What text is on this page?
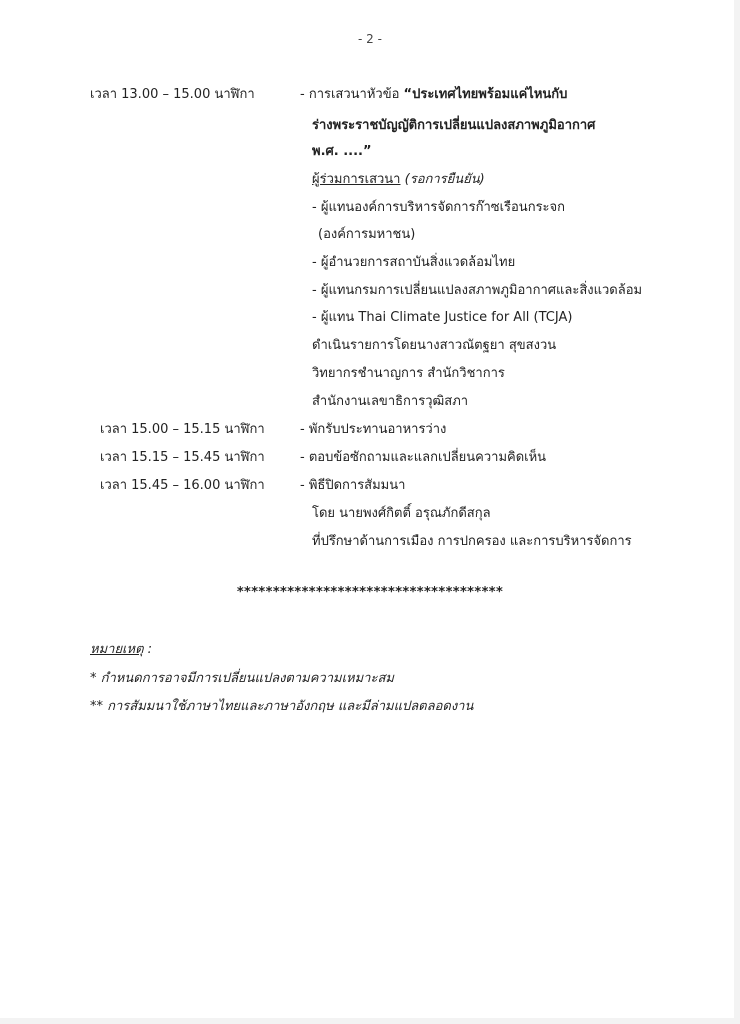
- 2 -
เวลา 13.00 – 15.00 นาฬิกา	- การเสวนาหัวข้อ “ประเทศไทยพร้อมแค่ไหนกับ
ร่างพระราชบัญญัติการเปลี่ยนแปลงสภาพภูมิอากาศ
พ.ศ. ....”
ผู้ร่วมการเสวนา (รอการยืนยัน)
- ผู้แทนองค์การบริหารจัดการก๊าซเรือนกระจก
(องค์การมหาชน)
- ผู้อำนวยการสถาบันสิ่งแวดล้อมไทย
- ผู้แทนกรมการเปลี่ยนแปลงสภาพภูมิอากาศและสิ่งแวดล้อม
- ผู้แทน Thai Climate Justice for All (TCJA)
ดำเนินรายการโดยนางสาวณัตฐยา สุขสงวน
วิทยากรชำนาญการ สำนักวิชาการ
สำนักงานเลขาธิการวุฒิสภา
เวลา 15.00 – 15.15 นาฬิกา	- พักรับประทานอาหารว่าง
เวลา 15.15 – 15.45 นาฬิกา	- ตอบข้อซักถามและแลกเปลี่ยนความคิดเห็น
เวลา 15.45 – 16.00 นาฬิกา	- พิธีปิดการสัมมนา
โดย นายพงศ์กิตติ์ อรุณภักดีสกุล
ที่ปรึกษาด้านการเมือง การปกครอง และการบริหารจัดการ
*************************************
หมายเหตุ :
* กำหนดการอาจมีการเปลี่ยนแปลงตามความเหมาะสม
** การสัมมนาใช้ภาษาไทยและภาษาอังกฤษ และมีล่ามแปลตลอดงาน
